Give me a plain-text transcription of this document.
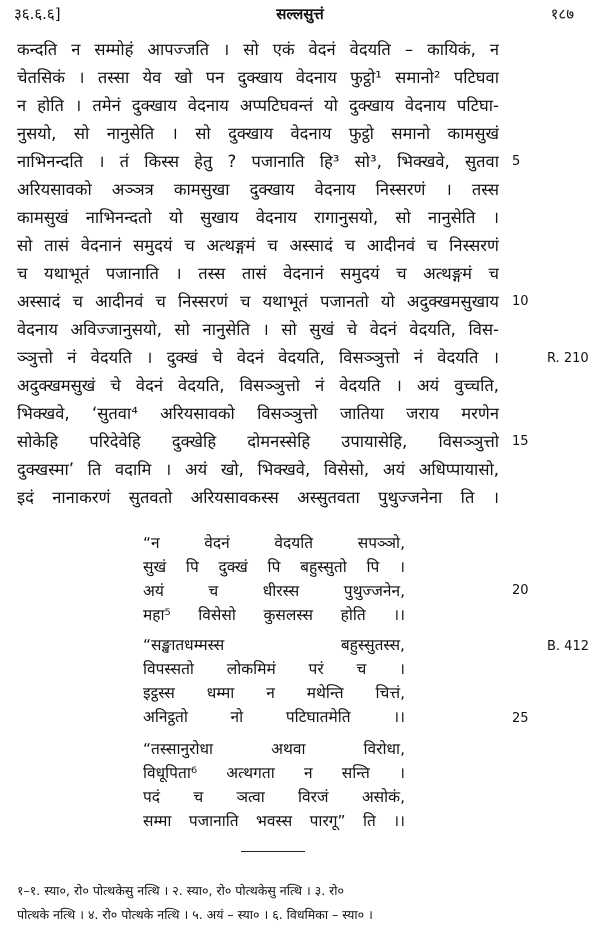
३६.६.६]	सल्लसुत्तं	१८७
कन्दति न सम्मोहं आपज्जति । सो एकं वेदनं वेदयति – कायिकं, न
चेतसिकं । तस्सा येव खो पन दुक्खाय वेदनाय फुट्ठो¹ समानो² पटिघवा
न होति । तमेनं दुक्खाय वेदनाय अप्पटिघवन्तं यो दुक्खाय वेदनाय पटिघा-
नुसयो, सो नानुसेति । सो दुक्खाय वेदनाय फुट्ठो समानो कामसुखं
नाभिनन्दति । तं किस्स हेतु ? पजानाति हि³ सो³, भिक्खवे, सुतवा
अरियसावको अञ्ञत्र कामसुखा दुक्खाय वेदनाय निस्सरणं । तस्स
कामसुखं नाभिनन्दतो यो सुखाय वेदनाय रागानुसयो, सो नानुसेति ।
सो तासं वेदनानं समुदयं च अत्थङ्गमं च अस्सादं च आदीनवं च निस्सरणं
च यथाभूतं पजानाति । तस्स तासं वेदनानं समुदयं च अत्थङ्गमं च
अस्सादं च आदीनवं च निस्सरणं च यथाभूतं पजानतो यो अदुक्खमसुखाय
वेदनाय अविज्जानुसयो, सो नानुसेति । सो सुखं चे वेदनं वेदयति, विस-
ञ्ञुत्तो नं वेदयति । दुक्खं चे वेदनं वेदयति, विसञ्ञुत्तो नं वेदयति ।
अदुक्खमसुखं चे वेदनं वेदयति, विसञ्ञुत्तो नं वेदयति । अयं वुच्चति,
भिक्खवे, ‘सुतवा⁴ अरियसावको विसञ्ञुत्तो जातिया जराय मरणेन
सोकेहि परिदेवेहि दुक्खेहि दोमनस्सेहि उपायासेहि, विसञ्ञुत्तो
दुक्खस्मा’ ति वदामि । अयं खो, भिक्खवे, विसेसो, अयं अधिप्पायासो,
इदं नानाकरणं सुतवतो अरियसावकस्स अस्सुतवता पुथुज्जनेना ति ।
“न वेदनं वेदयति सपञ्ञो,
सुखं पि दुक्खं पि बहुस्सुतो पि ।
अयं च धीरस्स पुथुज्जनेन,
महा⁵ विसेसो कुसलस्स होति ।।
“सङ्खातधम्मस्स बहुस्सुतस्स,
विपस्सतो लोकमिमं परं च ।
इट्ठस्स धम्मा न मथेन्ति चित्तं,
अनिट्ठतो नो पटिघातमेति ।।
“तस्सानुरोधा अथवा विरोधा,
विधूपिता⁶ अत्थगता न सन्ति ।
पदं च ञत्वा विरजं असोकं,
सम्मा पजानाति भवस्स पारगू” ति ।।
5
10
15
20
25
R. 210
B. 412
१–१. स्या०, रो० पोत्थकेसु नत्थि । २. स्या०, रो० पोत्थकेसु नत्थि । ३. रो०
पोत्थके नत्थि । ४. रो० पोत्थके नत्थि । ५. अयं – स्या० । ६. विधमिका – स्या० ।
